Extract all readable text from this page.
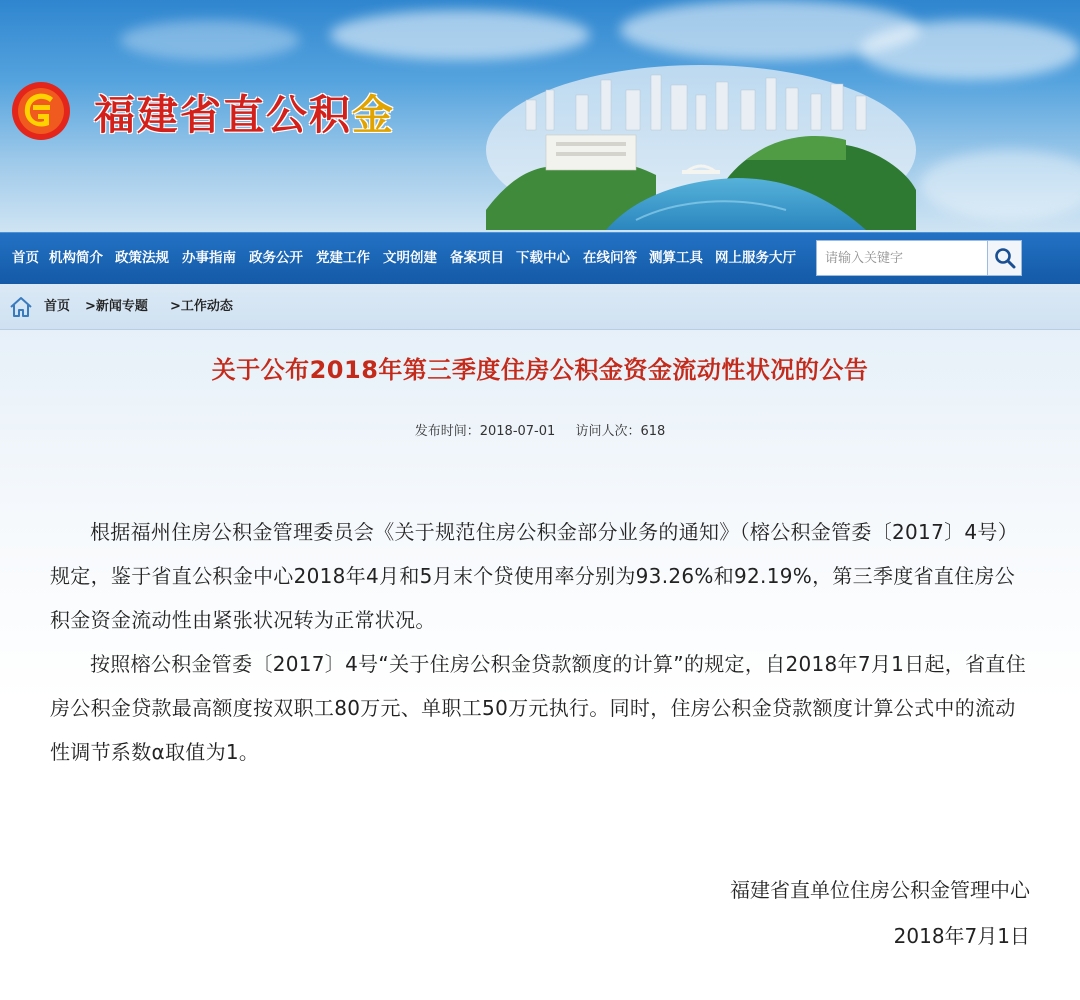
福建省直公积金
首页 机构简介 政策法规 办事指南 政务公开 党建工作 文明创建 备案项目 下载中心 在线问答 测算工具 网上服务大厅
请输入关键字
首页 >新闻专题 >工作动态
关于公布2018年第三季度住房公积金资金流动性状况的公告
发布时间：2018-07-01 访问人次：618

根据福州住房公积金管理委员会《关于规范住房公积金部分业务的通知》（榕公积金管委〔2017〕4号）规定，鉴于省直公积金中心2018年4月和5月末个贷使用率分别为93.26%和92.19%，第三季度省直住房公积金资金流动性由紧张状况转为正常状况。

按照榕公积金管委〔2017〕4号“关于住房公积金贷款额度的计算”的规定，自2018年7月1日起，省直住房公积金贷款最高额度按双职工80万元、单职工50万元执行。同时，住房公积金贷款额度计算公式中的流动性调节系数α取值为1。

福建省直单位住房公积金管理中心
2018年7月1日
